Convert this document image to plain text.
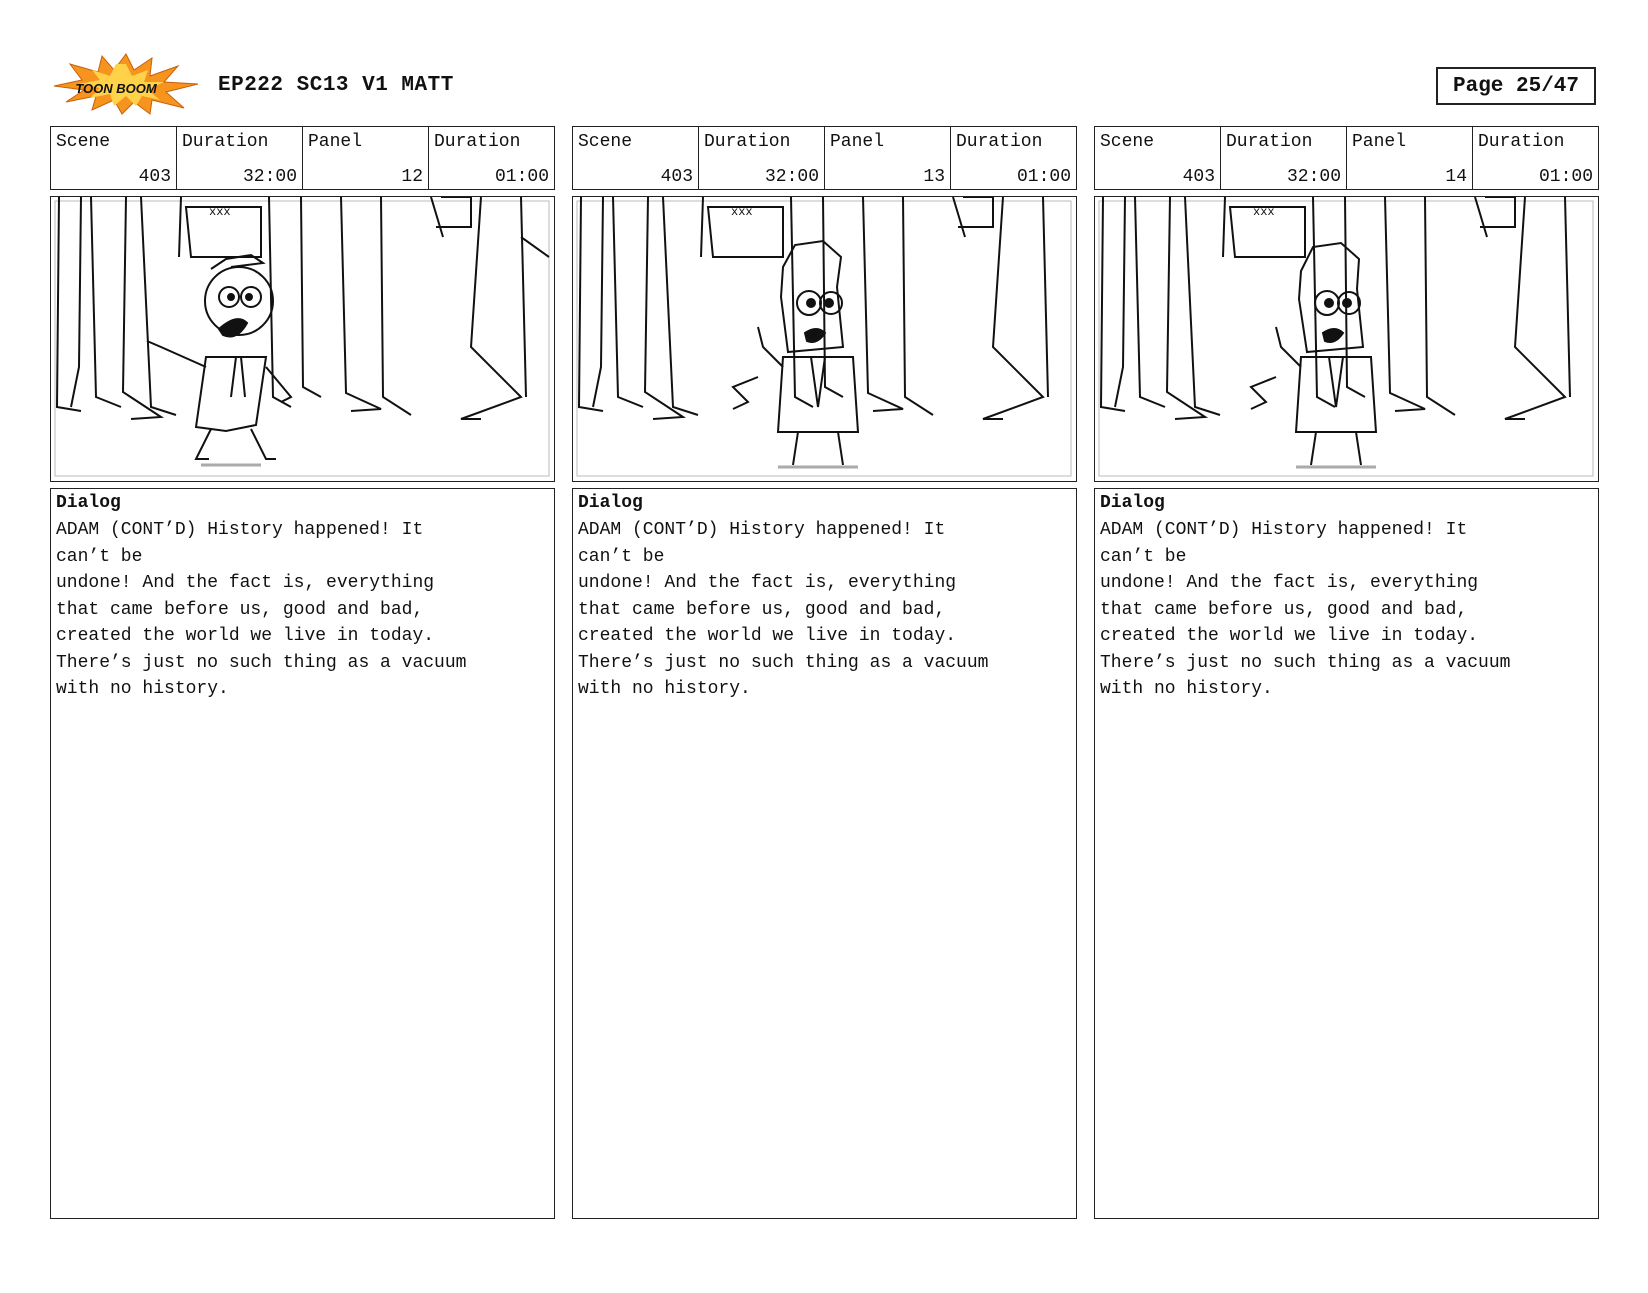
TOON BOOM	EP222 SC13 V1 MATT	Page 25/47
Scene
403
Duration
32:00
Panel
12
Duration
01:00
xxx
Dialog
ADAM (CONT’D) History happened! It
can’t be
undone! And the fact is, everything
that came before us, good and bad,
created the world we live in today.
There’s just no such thing as a vacuum
with no history.
Scene
403
Duration
32:00
Panel
13
Duration
01:00
xxx
Dialog
ADAM (CONT’D) History happened! It
can’t be
undone! And the fact is, everything
that came before us, good and bad,
created the world we live in today.
There’s just no such thing as a vacuum
with no history.
Scene
403
Duration
32:00
Panel
14
Duration
01:00
xxx
Dialog
ADAM (CONT’D) History happened! It
can’t be
undone! And the fact is, everything
that came before us, good and bad,
created the world we live in today.
There’s just no such thing as a vacuum
with no history.
